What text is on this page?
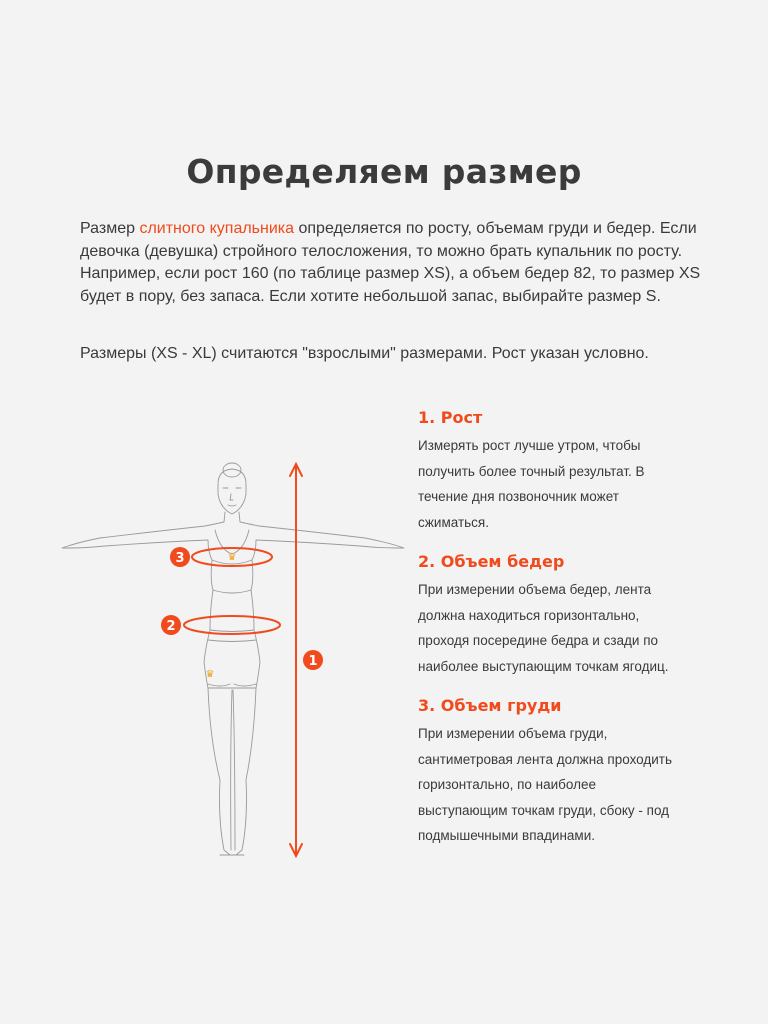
Определяем размер
Размер слитного купальника определяется по росту, объемам груди и бедер. Если девочка (девушка) стройного телосложения, то можно брать купальник по росту. Например, если рост 160 (по таблице размер XS), а объем бедер 82, то размер XS будет в пору, без запаса. Если хотите небольшой запас, выбирайте размер S.
Размеры (XS - XL) считаются "взрослыми" размерами. Рост указан условно.
♛
♛
3
2
1
1. Рост

Измерять рост лучше утром, чтобы
получить более точный результат. В
течение дня позвоночник может
сжиматься.

2. Объем бедер

При измерении объема бедер, лента
должна находиться горизонтально,
проходя посередине бедра и сзади по
наиболее выступающим точкам ягодиц.

3. Объем груди

При измерении объема груди,
сантиметровая лента должна проходить
горизонтально, по наиболее
выступающим точкам груди, сбоку - под
подмышечными впадинами.
